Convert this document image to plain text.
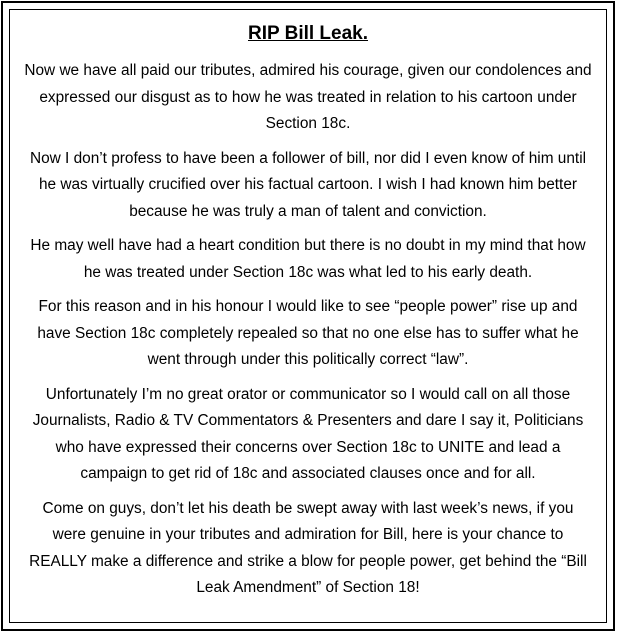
RIP Bill Leak.

Now we have all paid our tributes, admired his courage, given our condolences and expressed our disgust as to how he was treated in relation to his cartoon under Section 18c.

Now I don’t profess to have been a follower of bill, nor did I even know of him until he was virtually crucified over his factual cartoon. I wish I had known him better because he was truly a man of talent and conviction.

He may well have had a heart condition but there is no doubt in my mind that how he was treated under Section 18c was what led to his early death.

For this reason and in his honour I would like to see “people power” rise up and have Section 18c completely repealed so that no one else has to suffer what he went through under this politically correct “law”.

Unfortunately I’m no great orator or communicator so I would call on all those Journalists, Radio & TV Commentators & Presenters and dare I say it, Politicians who have expressed their concerns over Section 18c to UNITE and lead a campaign to get rid of 18c and associated clauses once and for all.

Come on guys, don’t let his death be swept away with last week’s news, if you were genuine in your tributes and admiration for Bill, here is your chance to REALLY make a difference and strike a blow for people power, get behind the “Bill Leak Amendment” of Section 18!
